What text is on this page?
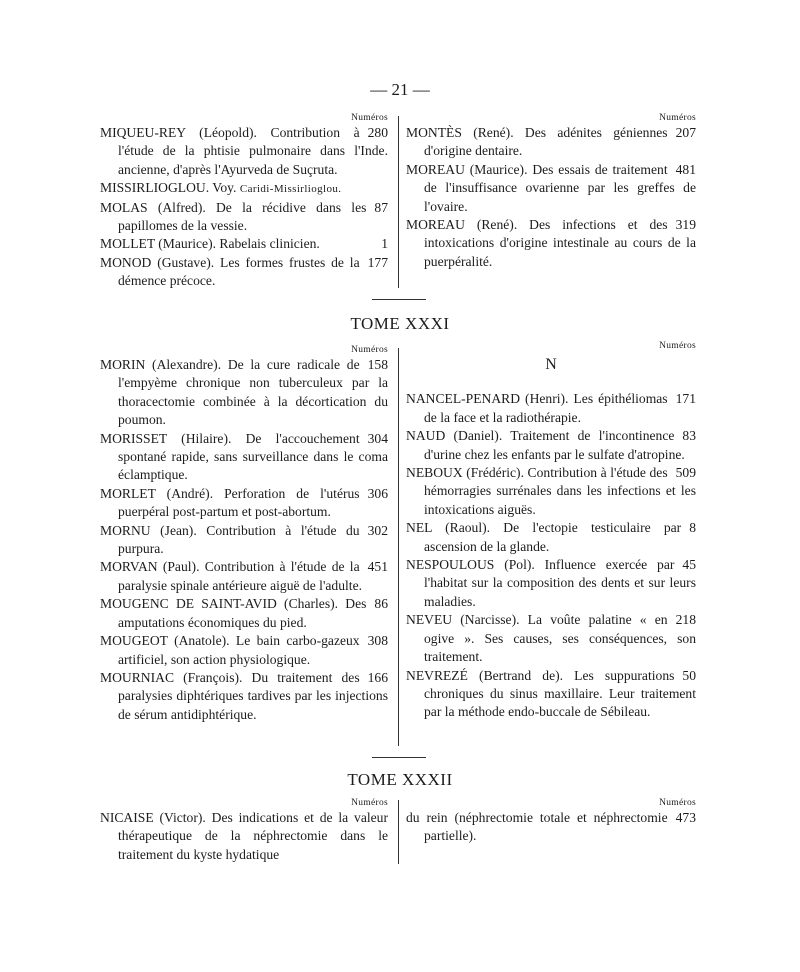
— 21 —
Numéros
280
MIQUEU-REY (Léopold). Contribution à l'étude de la phtisie pulmonaire dans l'Inde. ancienne, d'après l'Ayurveda de Suçruta.
MISSIRLIOGLOU. Voy. Caridi-Missirlioglou.
87
MOLAS (Alfred). De la récidive dans les papillomes de la vessie.
1
MOLLET (Maurice). Rabelais clinicien.
177
MONOD (Gustave). Les formes frustes de la démence précoce.
Numéros
207
MONTÈS (René). Des adénites géniennes d'origine dentaire.
481
MOREAU (Maurice). Des essais de traitement de l'insuffisance ovarienne par les greffes de l'ovaire.
319
MOREAU (René). Des infections et des intoxications d'origine intestinale au cours de la puerpéralité.
TOME XXXI
Numéros
158
MORIN (Alexandre). De la cure radicale de l'empyème chronique non tuberculeux par la thoracectomie combinée à la décortication du poumon.
304
MORISSET (Hilaire). De l'accouchement spontané rapide, sans surveillance dans le coma éclamptique.
306
MORLET (André). Perforation de l'utérus puerpéral post-partum et post-abortum.
302
MORNU (Jean). Contribution à l'étude du purpura.
451
MORVAN (Paul). Contribution à l'étude de la paralysie spinale antérieure aiguë de l'adulte.
86
MOUGENC DE SAINT-AVID (Charles). Des amputations économiques du pied.
308
MOUGEOT (Anatole). Le bain carbo-gazeux artificiel, son action physiologique.
166
MOURNIAC (François). Du traitement des paralysies diphtériques tardives par les injections de sérum antidiphtérique.
Numéros
N
171
NANCEL-PENARD (Henri). Les épithéliomas de la face et la radiothérapie.
83
NAUD (Daniel). Traitement de l'incontinence d'urine chez les enfants par le sulfate d'atropine.
509
NEBOUX (Frédéric). Contribution à l'étude des hémorragies surrénales dans les infections et les intoxications aiguës.
8
NEL (Raoul). De l'ectopie testiculaire par ascension de la glande.
45
NESPOULOUS (Pol). Influence exercée par l'habitat sur la composition des dents et sur leurs maladies.
218
NEVEU (Narcisse). La voûte palatine « en ogive ». Ses causes, ses conséquences, son traitement.
50
NEVREZÉ (Bertrand de). Les suppurations chroniques du sinus maxillaire. Leur traitement par la méthode endo-buccale de Sébileau.
TOME XXXII
Numéros
NICAISE (Victor). Des indications et de la valeur thérapeutique de la néphrectomie dans le traitement du kyste hydatique
Numéros
473
du rein (néphrectomie totale et néphrectomie partielle).
